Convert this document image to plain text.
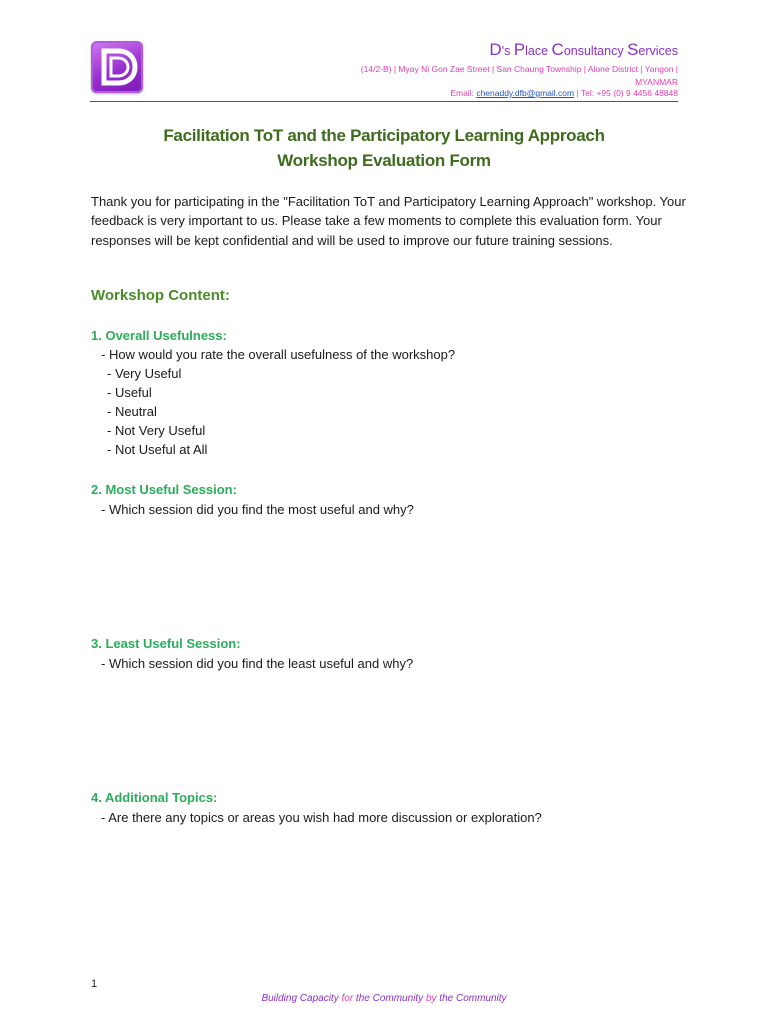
D's Place Consultancy Services
(14/2-B) | Myay Ni Gon Zae Street | San Chaung Township | Alone District | Yangon | MYANMAR
Email: chenaddy.dfb@gmail.com | Tel: +95 (0) 9 4456 48848
Facilitation ToT and the Participatory Learning Approach
Workshop Evaluation Form
Thank you for participating in the "Facilitation ToT and Participatory Learning Approach" workshop. Your feedback is very important to us. Please take a few moments to complete this evaluation form. Your responses will be kept confidential and will be used to improve our future training sessions.
Workshop Content:
1. Overall Usefulness:
- How would you rate the overall usefulness of the workshop?
- Very Useful
- Useful
- Neutral
- Not Very Useful
- Not Useful at All
2. Most Useful Session:
- Which session did you find the most useful and why?
3. Least Useful Session:
- Which session did you find the least useful and why?
4. Additional Topics:
- Are there any topics or areas you wish had more discussion or exploration?
1
Building Capacity for the Community by the Community
